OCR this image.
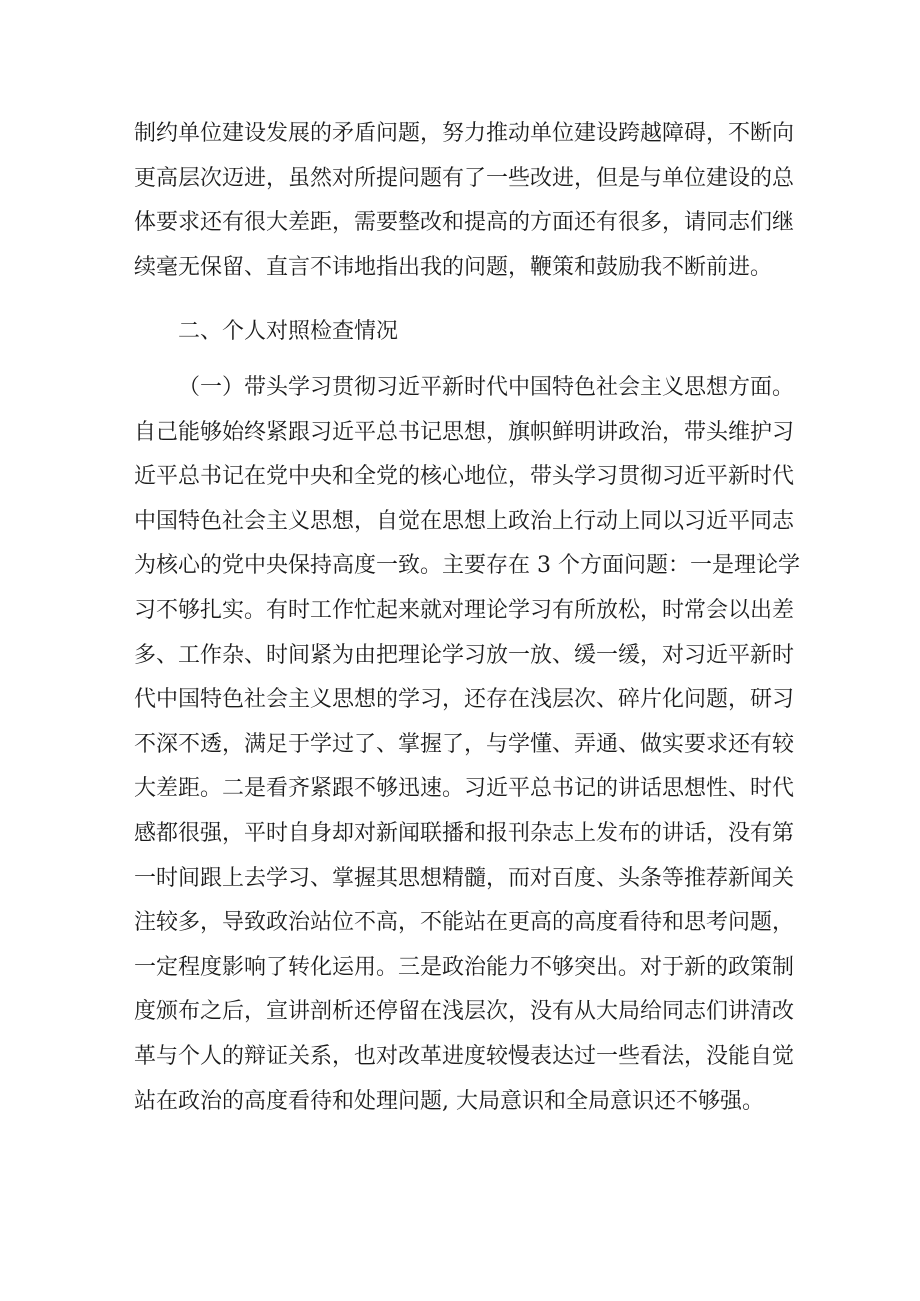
制约单位建设发展的矛盾问题，努力推动单位建设跨越障碍，不断向
更高层次迈进，虽然对所提问题有了一些改进，但是与单位建设的总
体要求还有很大差距，需要整改和提高的方面还有很多，请同志们继
续毫无保留、直言不讳地指出我的问题，鞭策和鼓励我不断前进。
二、个人对照检查情况
（一）带头学习贯彻习近平新时代中国特色社会主义思想方面。
自己能够始终紧跟习近平总书记思想，旗帜鲜明讲政治，带头维护习
近平总书记在党中央和全党的核心地位，带头学习贯彻习近平新时代
中国特色社会主义思想，自觉在思想上政治上行动上同以习近平同志
为核心的党中央保持高度一致。主要存在 3 个方面问题：一是理论学
习不够扎实。有时工作忙起来就对理论学习有所放松，时常会以出差
多、工作杂、时间紧为由把理论学习放一放、缓一缓，对习近平新时
代中国特色社会主义思想的学习，还存在浅层次、碎片化问题，研习
不深不透，满足于学过了、掌握了，与学懂、弄通、做实要求还有较
大差距。二是看齐紧跟不够迅速。习近平总书记的讲话思想性、时代
感都很强，平时自身却对新闻联播和报刊杂志上发布的讲话，没有第
一时间跟上去学习、掌握其思想精髓，而对百度、头条等推荐新闻关
注较多，导致政治站位不高，不能站在更高的高度看待和思考问题，
一定程度影响了转化运用。三是政治能力不够突出。对于新的政策制
度颁布之后，宣讲剖析还停留在浅层次，没有从大局给同志们讲清改
革与个人的辩证关系，也对改革进度较慢表达过一些看法，没能自觉
站在政治的高度看待和处理问题, 大局意识和全局意识还不够强。
